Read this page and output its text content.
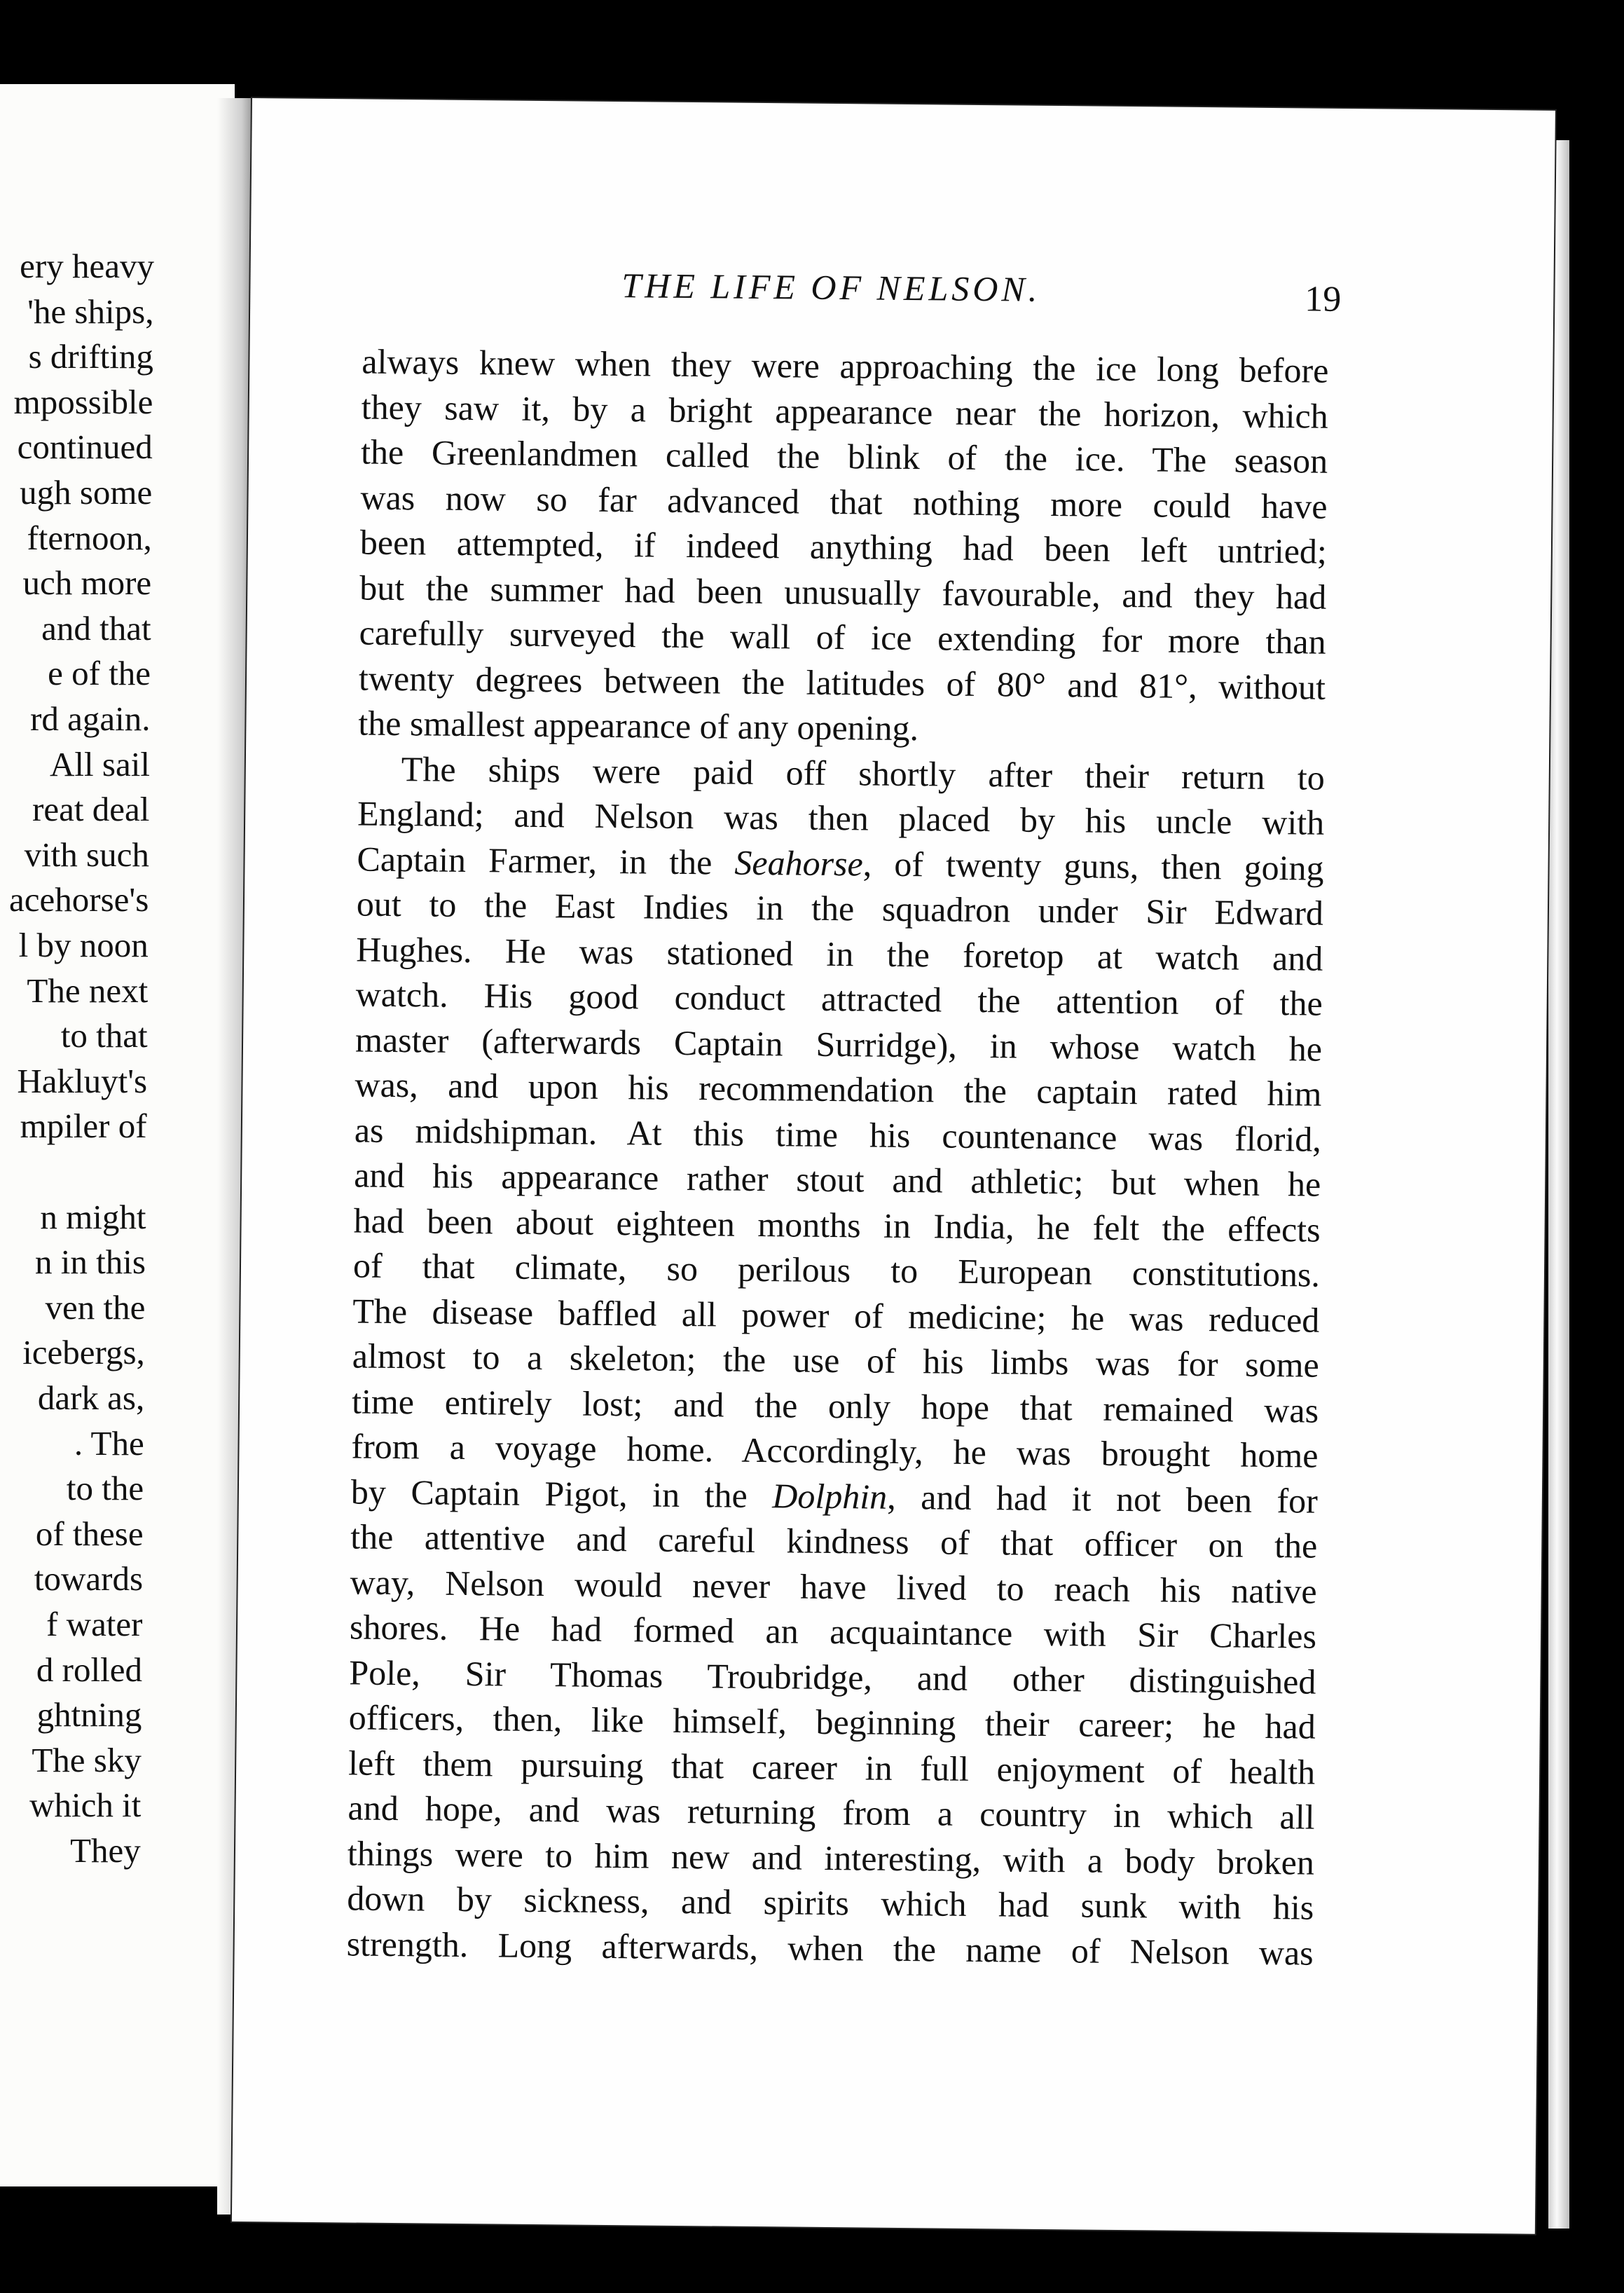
ery heavy
'he ships,
s drifting
mpossible
continued
ugh some
fternoon,
uch more
and that
e of the
rd again.
All sail
reat deal
vith such
acehorse's
l by noon
The next
to that
Hakluyt's
mpiler of
n might
n in this
ven the
icebergs,
dark as,
. The
to the
of these
towards
f water
d rolled
ghtning
The sky
which it
They
THE LIFE OF NELSON.	19
always knew when they were approaching the ice long before
they saw it, by a bright appearance near the horizon, which
the Greenlandmen called the blink of the ice. The season
was now so far advanced that nothing more could have
been attempted, if indeed anything had been left untried;
but the summer had been unusually favourable, and they had
carefully surveyed the wall of ice extending for more than
twenty degrees between the latitudes of 80° and 81°, without
the smallest appearance of any opening.
The ships were paid off shortly after their return to
England; and Nelson was then placed by his uncle with
Captain Farmer, in the Seahorse, of twenty guns, then going
out to the East Indies in the squadron under Sir Edward
Hughes. He was stationed in the foretop at watch and
watch. His good conduct attracted the attention of the
master (afterwards Captain Surridge), in whose watch he
was, and upon his recommendation the captain rated him
as midshipman. At this time his countenance was florid,
and his appearance rather stout and athletic; but when he
had been about eighteen months in India, he felt the effects
of that climate, so perilous to European constitutions.
The disease baffled all power of medicine; he was reduced
almost to a skeleton; the use of his limbs was for some
time entirely lost; and the only hope that remained was
from a voyage home. Accordingly, he was brought home
by Captain Pigot, in the Dolphin, and had it not been for
the attentive and careful kindness of that officer on the
way, Nelson would never have lived to reach his native
shores. He had formed an acquaintance with Sir Charles
Pole, Sir Thomas Troubridge, and other distinguished
officers, then, like himself, beginning their career; he had
left them pursuing that career in full enjoyment of health
and hope, and was returning from a country in which all
things were to him new and interesting, with a body broken
down by sickness, and spirits which had sunk with his
strength. Long afterwards, when the name of Nelson was
